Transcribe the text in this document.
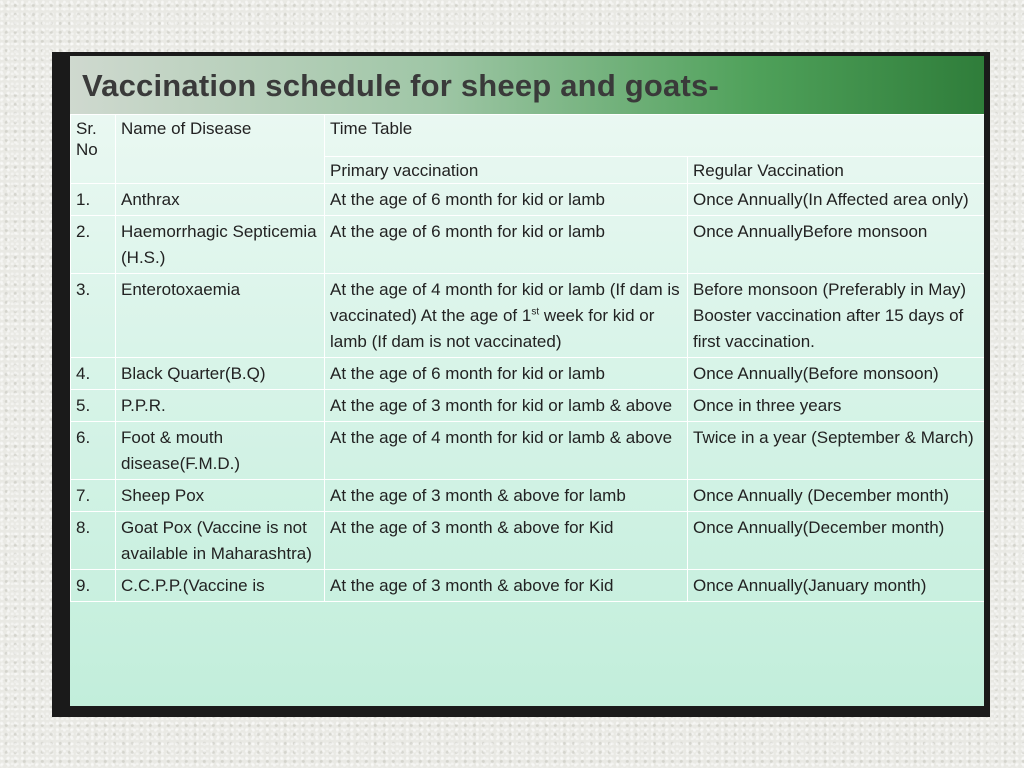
Vaccination schedule for sheep and goats-
Sr. No	Name of Disease	Time Table	
		Primary vaccination	Regular Vaccination
1.	Anthrax	At the age of 6 month for kid or lamb	Once Annually(In Affected area only)
2.	Haemorrhagic Septicemia (H.S.)	At the age of 6 month for kid or lamb	Once AnnuallyBefore monsoon
3.	Enterotoxaemia	At the age of 4 month for kid or lamb (If dam is vaccinated) At the age of 1st week for kid or lamb (If dam is not vaccinated)	Before monsoon (Preferably in May) Booster vaccination after 15 days of first vaccination.
4.	Black Quarter(B.Q)	At the age of 6 month for kid or lamb	Once Annually(Before monsoon)
5.	P.P.R.	At the age of 3 month for kid or lamb & above	Once in three years
6.	Foot & mouth disease(F.M.D.)	At the age of 4 month for kid or lamb & above	Twice in a year (September & March)
7.	Sheep Pox	At the age of 3 month & above for lamb	Once Annually (December month)
8.	Goat Pox (Vaccine is not available in Maharashtra)	At the age of 3 month & above for Kid	Once Annually(December month)
9.	C.C.P.P.(Vaccine is	At the age of 3 month & above for Kid	Once Annually(January month)
